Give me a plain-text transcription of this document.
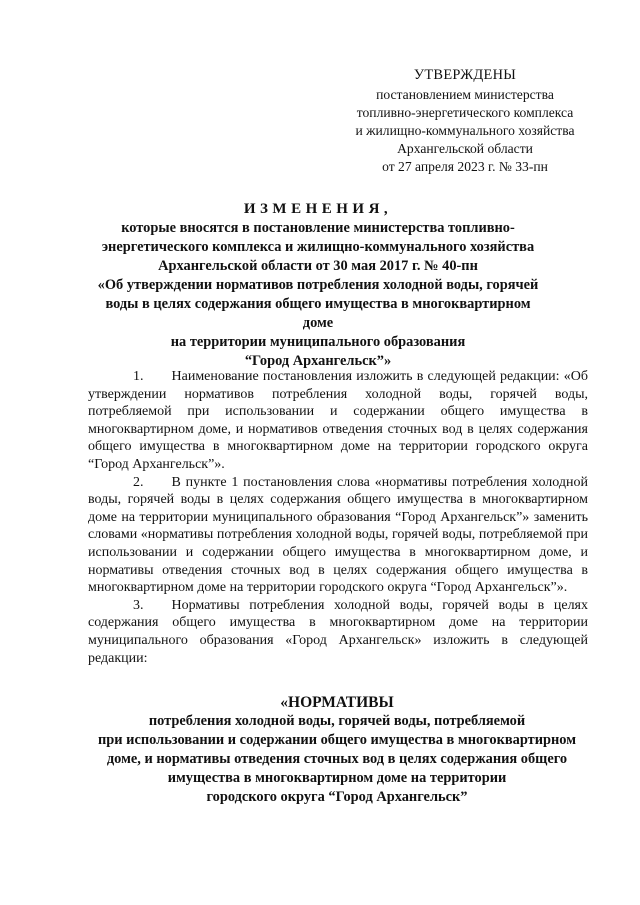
УТВЕРЖДЕНЫ
постановлением министерства
топливно-энергетического комплекса
и жилищно-коммунального хозяйства
Архангельской области
от 27 апреля 2023 г. № 33-пн
ИЗМЕНЕНИЯ,
которые вносятся в постановление министерства топливно-
энергетического комплекса и жилищно-коммунального хозяйства
Архангельской области от 30 мая 2017 г. № 40-пн
«Об утверждении нормативов потребления холодной воды, горячей
воды в целях содержания общего имущества в многоквартирном доме
на территории муниципального образования
“Город Архангельск”»

1.  Наименование постановления изложить в следующей редакции: «Об утверждении нормативов потребления холодной воды, горячей воды, потребляемой при использовании и содержании общего имущества в многоквартирном доме, и нормативов отведения сточных вод в целях содержания общего имущества в многоквартирном доме на территории городского округа “Город Архангельск”».

2.  В пункте 1 постановления слова «нормативы потребления холодной воды, горячей воды в целях содержания общего имущества в многоквартирном доме на территории муниципального образования “Город Архангельск”» заменить словами «нормативы потребления холодной воды, горячей воды, потребляемой при использовании и содержании общего имущества в многоквартирном доме, и нормативы отведения сточных вод в целях содержания общего имущества в многоквартирном доме на территории городского округа “Город Архангельск”».

3.  Нормативы потребления холодной воды, горячей воды в целях содержания общего имущества в многоквартирном доме на территории муниципального образования «Город Архангельск» изложить в следующей редакции:

«НОРМАТИВЫ
потребления холодной воды, горячей воды, потребляемой
при использовании и содержании общего имущества в многоквартирном
доме, и нормативы отведения сточных вод в целях содержания общего
имущества в многоквартирном доме на территории
городского округа “Город Архангельск”
